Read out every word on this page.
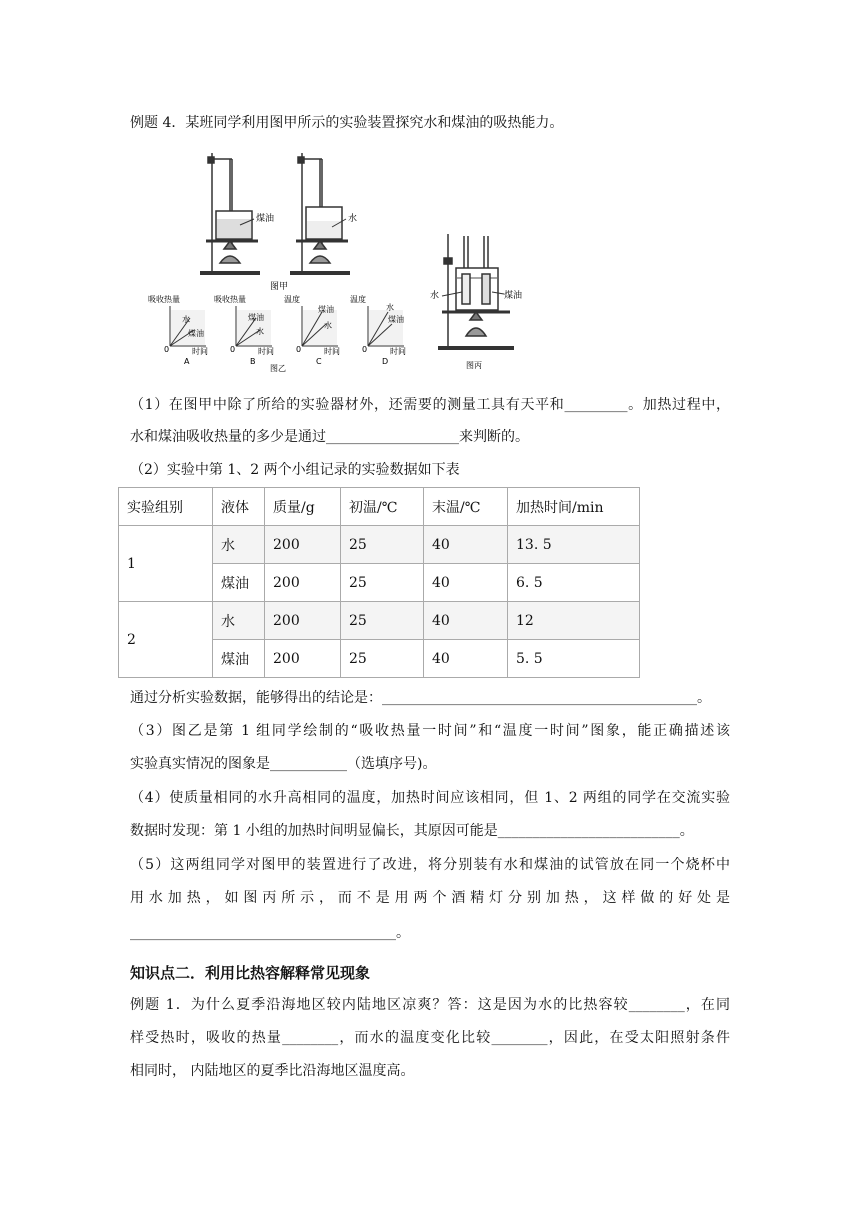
例题 4．某班同学利用图甲所示的实验装置探究水和煤油的吸热能力。
煤油	水
图甲
吸收热量
水
煤油
0	时间
A
吸收热量
煤油
水
0	时间
B
温度
煤油
水
0	时间
C
温度
水
煤油
0	时间
D
图乙
水	煤油
图丙
（1）在图甲中除了所给的实验器材外，还需要的测量工具有天平和_________。加热过程中，
水和煤油吸收热量的多少是通过___________________来判断的。
（2）实验中第 1、2 两个小组记录的实验数据如下表
实验组别	液体	质量/g	初温/℃	末温/℃	加热时间/min
1	水	200	25	40	13. 5
	煤油	200	25	40	6. 5
2	水	200	25	40	12
	煤油	200	25	40	5. 5
通过分析实验数据，能够得出的结论是：_____________________________________________。
（3）图乙是第 1 组同学绘制的“吸收热量一时间”和“温度一时间”图象，能正确描述该
实验真实情况的图象是___________（选填序号)。
（4）使质量相同的水升高相同的温度，加热时间应该相同，但 1、2 两组的同学在交流实验
数据时发现：第 1 小组的加热时间明显偏长，其原因可能是__________________________。
（5）这两组同学对图甲的装置进行了改进，将分别装有水和煤油的试管放在同一个烧杯中
用水加热，如图丙所示，而不是用两个酒精灯分别加热，这样做的好处是
______________________________________。
知识点二．利用比热容解释常见现象
例题 1．为什么夏季沿海地区较内陆地区凉爽？答：这是因为水的比热容较________，在同
样受热时，吸收的热量________，而水的温度变化比较________，因此，在受太阳照射条件
相同时， 内陆地区的夏季比沿海地区温度高。
